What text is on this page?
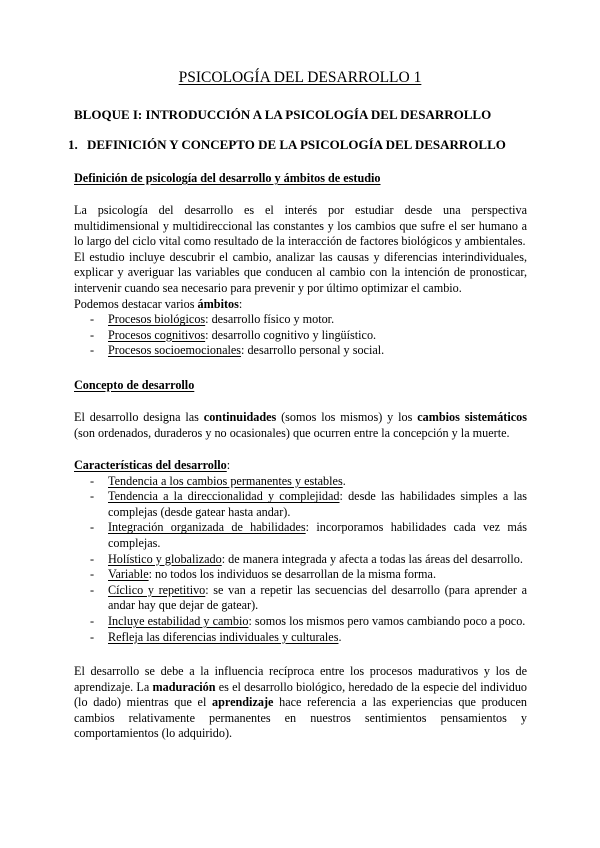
PSICOLOGÍA DEL DESARROLLO 1
BLOQUE I: INTRODUCCIÓN A LA PSICOLOGÍA DEL DESARROLLO
1. DEFINICIÓN Y CONCEPTO DE LA PSICOLOGÍA DEL DESARROLLO
Definición de psicología del desarrollo y ámbitos de estudio

La psicología del desarrollo es el interés por estudiar desde una perspectiva multidimensional y multidireccional las constantes y los cambios que sufre el ser humano a lo largo del ciclo vital como resultado de la interacción de factores biológicos y ambientales.

El estudio incluye descubrir el cambio, analizar las causas y diferencias interindividuales, explicar y averiguar las variables que conducen al cambio con la intención de pronosticar, intervenir cuando sea necesario para prevenir y por último optimizar el cambio.

Podemos destacar varios ámbitos:

- Procesos biológicos: desarrollo físico y motor.
- Procesos cognitivos: desarrollo cognitivo y lingüístico.
- Procesos socioemocionales: desarrollo personal y social.
Concepto de desarrollo

El desarrollo designa las continuidades (somos los mismos) y los cambios sistemáticos (son ordenados, duraderos y no ocasionales) que ocurren entre la concepción y la muerte.

Características del desarrollo:

- Tendencia a los cambios permanentes y estables.
- Tendencia a la direccionalidad y complejidad: desde las habilidades simples a las complejas (desde gatear hasta andar).
- Integración organizada de habilidades: incorporamos habilidades cada vez más complejas.
- Holístico y globalizado: de manera integrada y afecta a todas las áreas del desarrollo.
- Variable: no todos los individuos se desarrollan de la misma forma.
- Cíclico y repetitivo: se van a repetir las secuencias del desarrollo (para aprender a andar hay que dejar de gatear).
- Incluye estabilidad y cambio: somos los mismos pero vamos cambiando poco a poco.
- Refleja las diferencias individuales y culturales.

El desarrollo se debe a la influencia recíproca entre los procesos madurativos y los de aprendizaje. La maduración es el desarrollo biológico, heredado de la especie del individuo (lo dado) mientras que el aprendizaje hace referencia a las experiencias que producen cambios relativamente permanentes en nuestros sentimientos pensamientos y comportamientos (lo adquirido).
